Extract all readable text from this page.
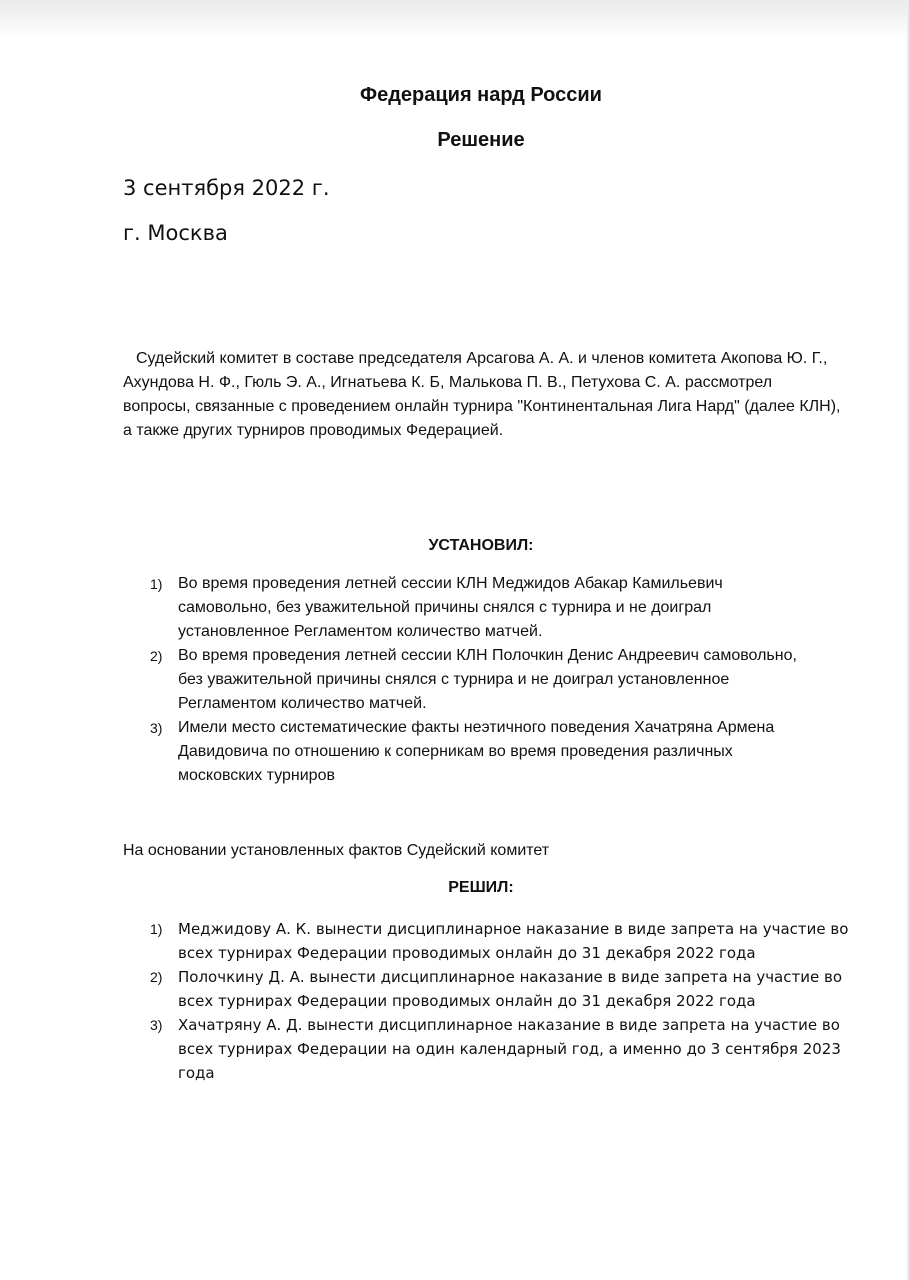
Федерация нард России
Решение
3 сентября 2022 г.
г. Москва
Судейский комитет в составе председателя Арсагова А. А. и членов комитета Акопова Ю. Г., Ахундова Н. Ф., Гюль Э. А., Игнатьева К. Б, Малькова П. В., Петухова С. А. рассмотрел вопросы, связанные с проведением онлайн турнира "Континентальная Лига Нард" (далее КЛН), а также других турниров проводимых Федерацией.
УСТАНОВИЛ:
1) Во время проведения летней сессии КЛН Меджидов Абакар Камильевич
самовольно, без уважительной причины снялся с турнира и не доиграл
установленное Регламентом количество матчей.
2) Во время проведения летней сессии КЛН Полочкин Денис Андреевич самовольно,
без уважительной причины снялся с турнира и не доиграл установленное
Регламентом количество матчей.
3) Имели место систематические факты неэтичного поведения Хачатряна Армена
Давидовича по отношению к соперникам во время проведения различных
московских турниров
На основании установленных фактов Судейский комитет
РЕШИЛ:
1) Меджидову А. К. вынести дисциплинарное наказание в виде запрета на участие во
всех турнирах Федерации проводимых онлайн до 31 декабря 2022 года
2) Полочкину Д. А. вынести дисциплинарное наказание в виде запрета на участие во
всех турнирах Федерации проводимых онлайн до 31 декабря 2022 года
3) Хачатряну А. Д. вынести дисциплинарное наказание в виде запрета на участие во
всех турнирах Федерации на один календарный год, а именно до 3 сентября 2023
года
